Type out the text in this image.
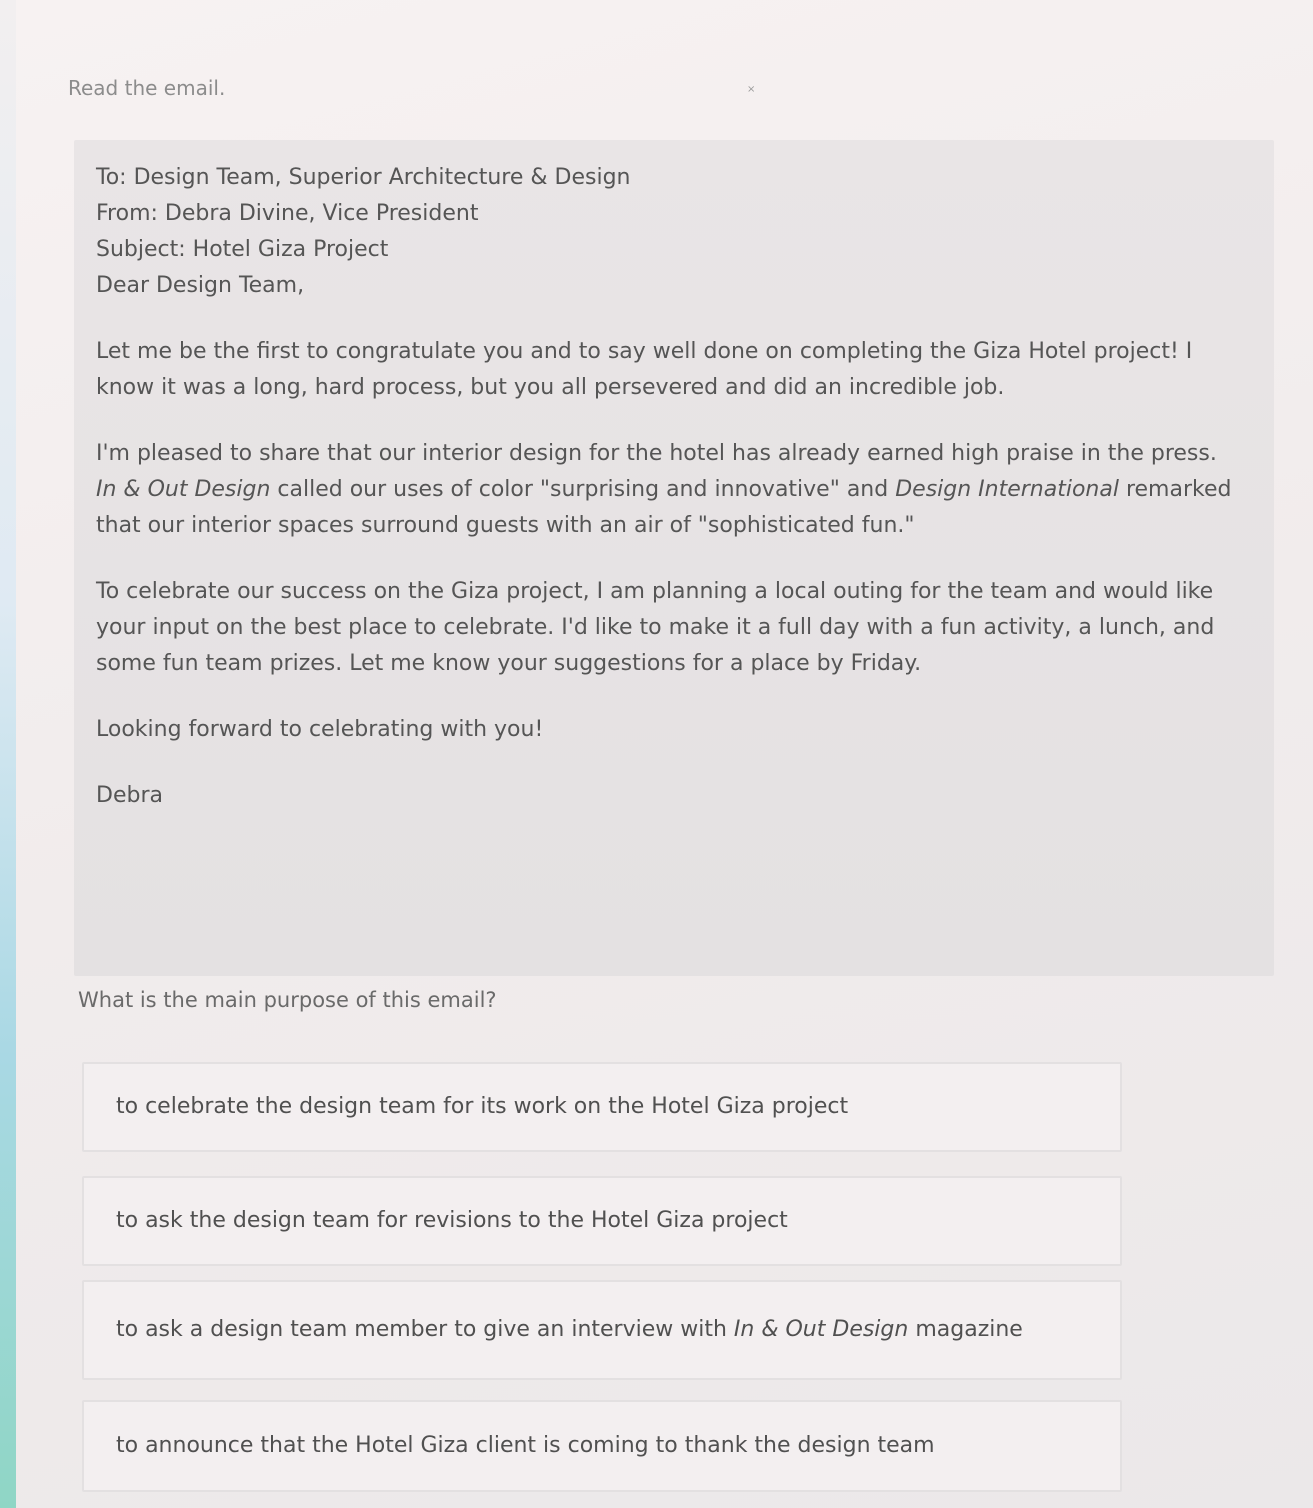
Read the email.	×

To: Design Team, Superior Architecture & Design

From: Debra Divine, Vice President

Subject: Hotel Giza Project

Dear Design Team,

Let me be the first to congratulate you and to say well done on completing the Giza Hotel project! I know it was a long, hard process, but you all persevered and did an incredible job.

I'm pleased to share that our interior design for the hotel has already earned high praise in the press. In & Out Design called our uses of color "surprising and innovative" and Design International remarked that our interior spaces surround guests with an air of "sophisticated fun."

To celebrate our success on the Giza project, I am planning a local outing for the team and would like your input on the best place to celebrate. I'd like to make it a full day with a fun activity, a lunch, and some fun team prizes. Let me know your suggestions for a place by Friday.

Looking forward to celebrating with you!

Debra

What is the main purpose of this email?
to celebrate the design team for its work on the Hotel Giza project
to ask the design team for revisions to the Hotel Giza project
to ask a design team member to give an interview with In & Out Design magazine
to announce that the Hotel Giza client is coming to thank the design team
